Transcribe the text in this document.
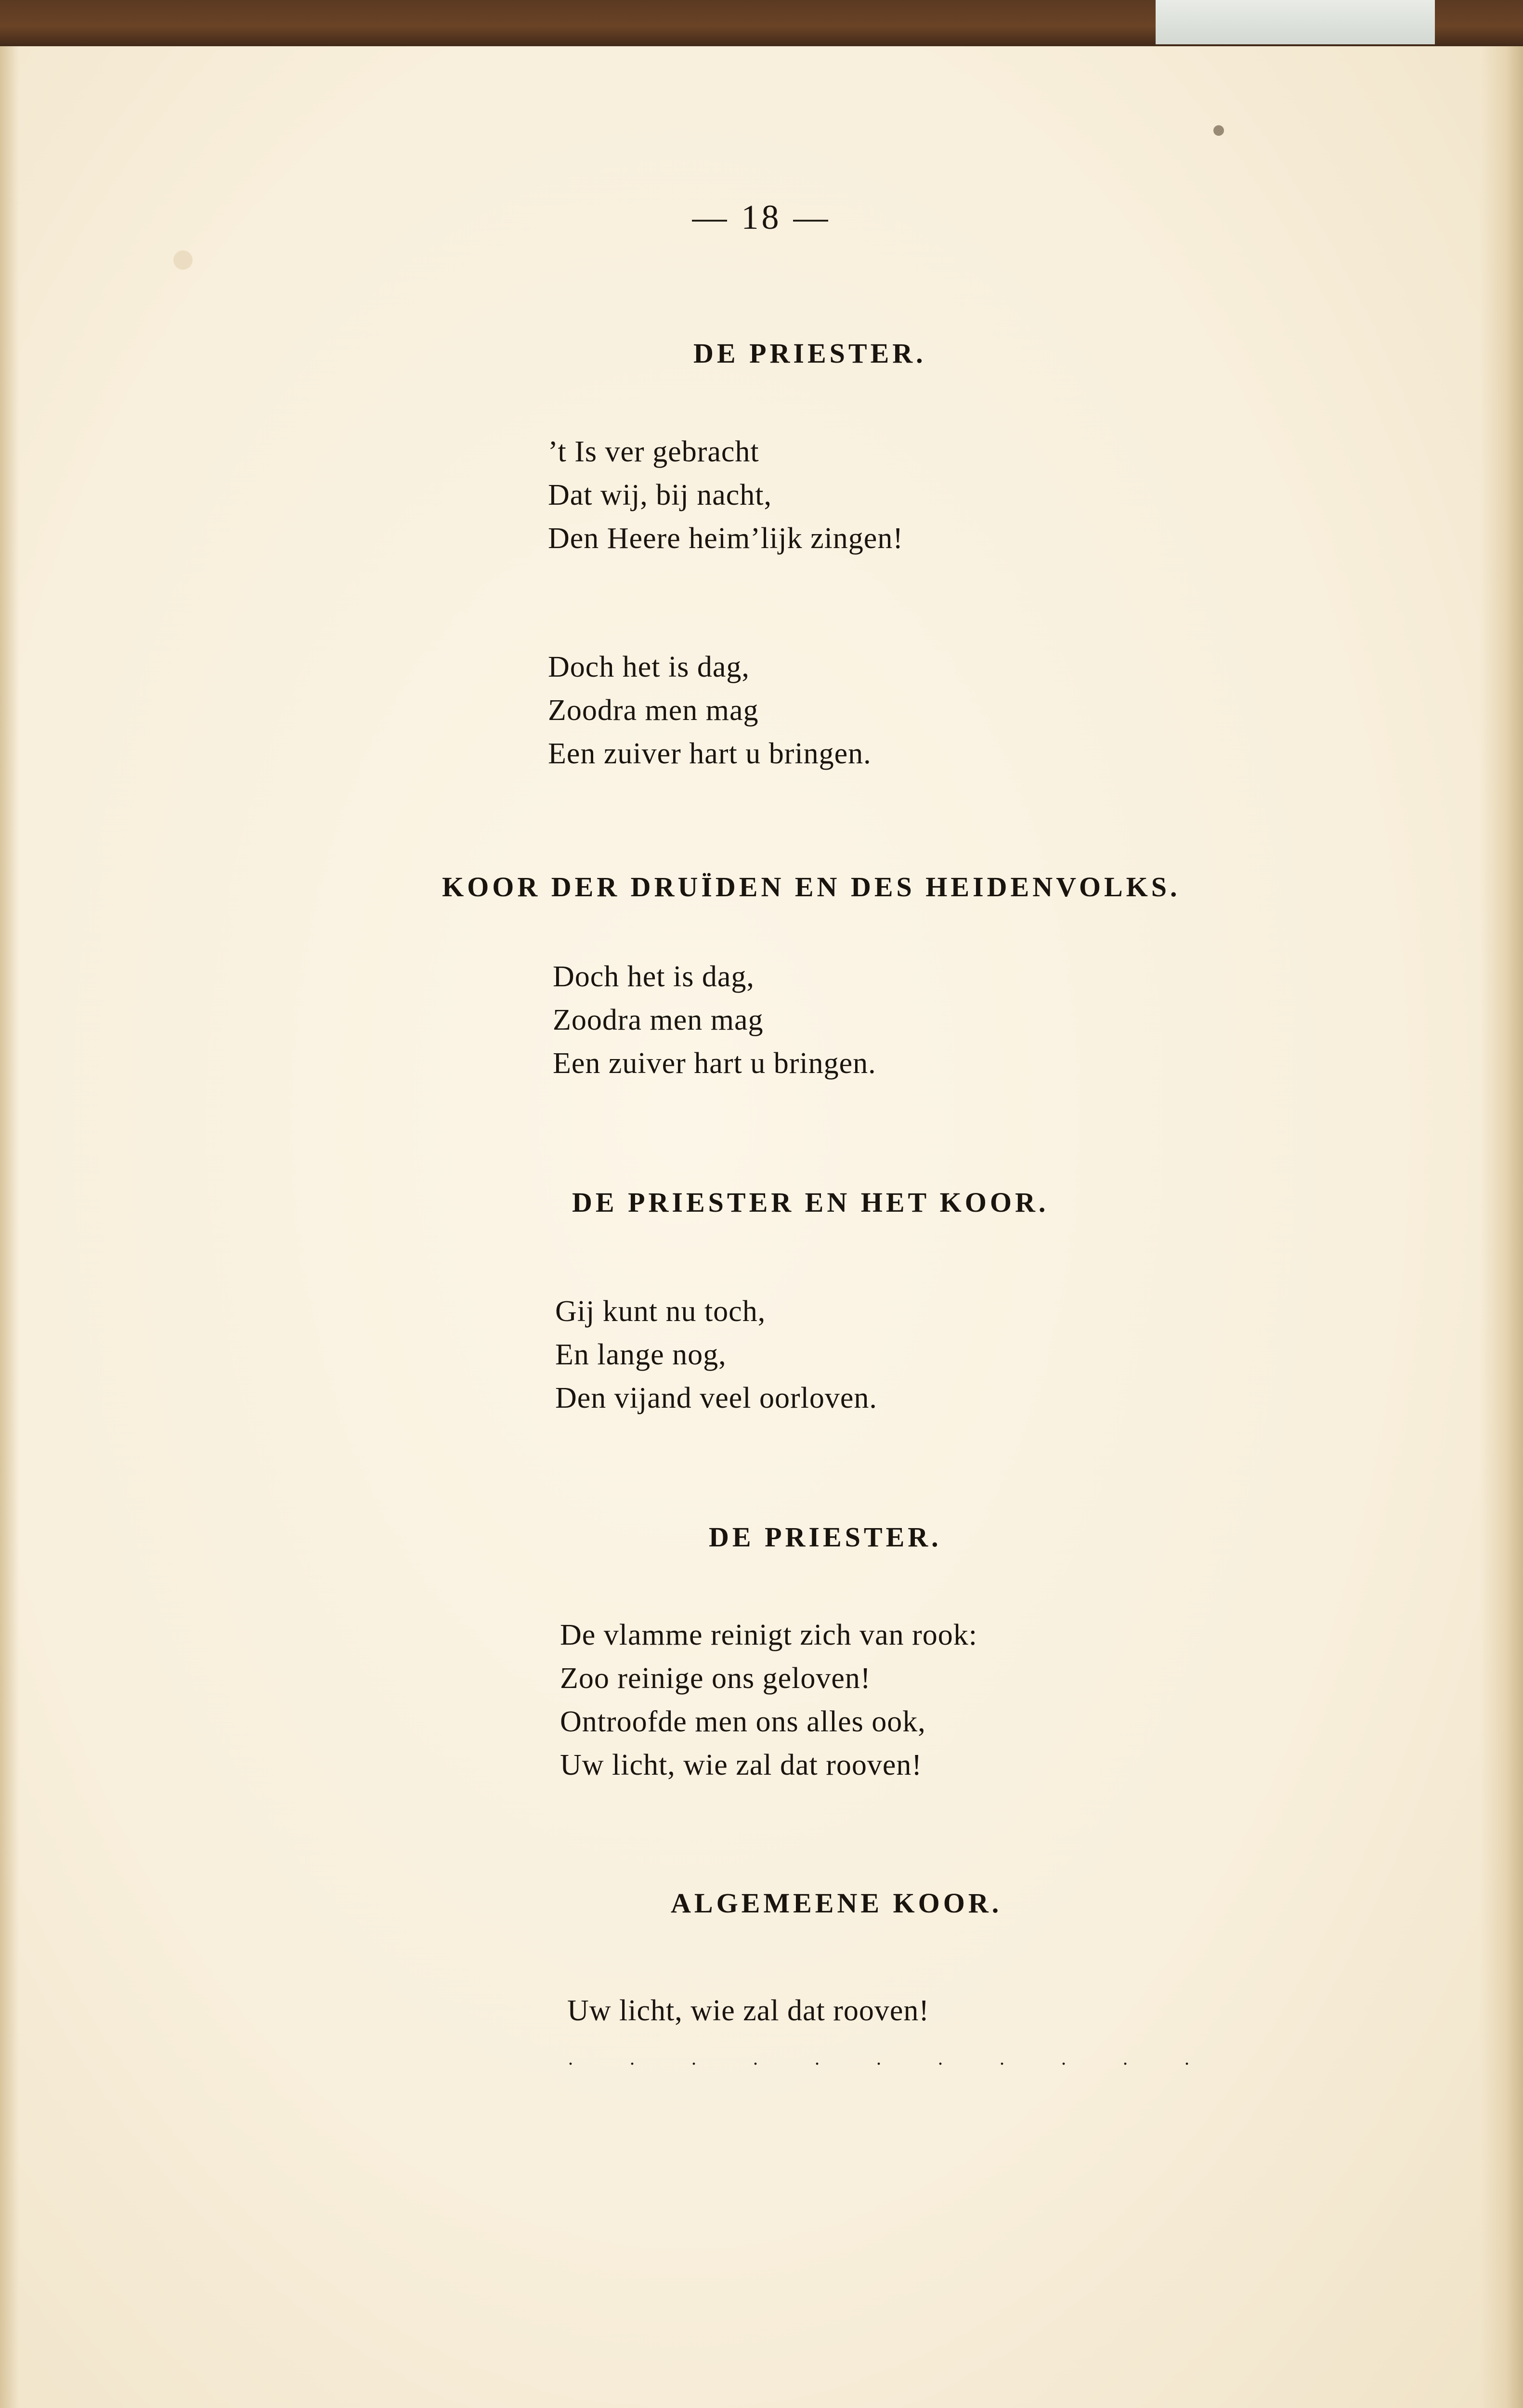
— 18 —

DE PRIESTER.

’t Is ver gebracht
Dat wij, bij nacht,
Den Heere heim’lijk zingen!
Doch het is dag,
Zoodra men mag
Een zuiver hart u bringen.

KOOR DER DRUÏDEN EN DES HEIDENVOLKS.

Doch het is dag,
Zoodra men mag
Een zuiver hart u bringen.

DE PRIESTER EN HET KOOR.

Gij kunt nu toch,
En lange nog,
Den vijand veel oorloven.

DE PRIESTER.

De vlamme reinigt zich van rook:
Zoo reinige ons geloven!
Ontroofde men ons alles ook,
Uw licht, wie zal dat rooven!

ALGEMEENE KOOR.

Uw licht, wie zal dat rooven!

. . . . . . . . . . .
